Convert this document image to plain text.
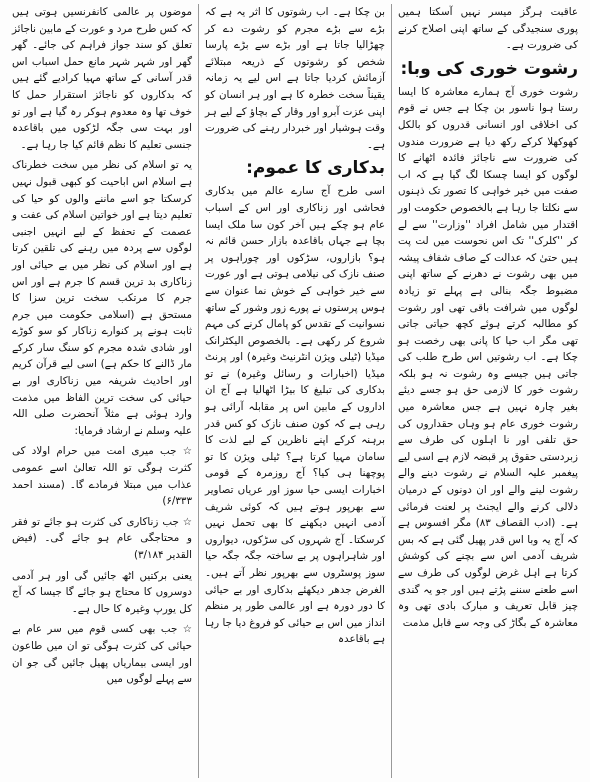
عاقبت ہرگز میسر نہیں آسکتا ہمیں پوری سنجیدگی کے ساتھ اپنی اصلاح کرنے کی ضرورت ہے۔

رشوت خوری کی وبا:

رشوت خوری آج ہمارے معاشرہ کا ایسا رستا ہوا ناسور بن چکا ہے جس نے قوم کی اخلاقی اور انسانی قدروں کو بالکل کھوکھلا کرکے رکھ دیا ہے ضرورت مندوں کی ضرورت سے ناجائز فائدہ اٹھانے کا لوگوں کو ایسا چسکا لگ گیا ہے کہ اب صفت میں خیر خواہی کا تصور تک ذہنوں سے نکلتا جا رہا ہے بالخصوص حکومت اور اقتدار میں شامل افراد ''وزارت'' سے لے کر ''کلرک'' تک اس نحوست میں لت پت ہیں حتیٰ کہ عدالت کے صاف شفاف پیشہ میں بھی رشوت نے دھرنے کے ساتھ اپنی مضبوط جگہ بنالی ہے پہلے تو زیادہ لوگوں میں شرافت باقی تھی اور رشوت کو مطالبہ کرتے ہوئے کچھ حیاتی جاتی تھی مگر اب حیا کا پانی بھی رخصت ہو چکا ہے۔ اب رشوتیں اس طرح طلب کی جاتی ہیں جیسے وہ رشوت نہ ہو بلکہ رشوت خور کا لازمی حق ہو جسے دیئے بغیر چارہ نہیں ہے جس معاشرہ میں رشوت خوری عام ہو وہاں حقداروں کی حق تلفی اور نا اہلوں کی طرف سے زبردستی حقوق پر قبضہ لازم ہے اسی لیے پیغمبر علیہ السلام نے رشوت دینے والے رشوت لینے والے اور ان دونوں کے درمیان دلالی کرنے والے ایجنٹ پر لعنت فرمائی ہے۔ (ادب القصاف ۸۳) مگر افسوس ہے کہ آج یہ وبا اس قدر پھیل گئی ہے کہ بس شریف آدمی اس سے بچنے کی کوشش کرتا ہے اہل غرض لوگوں کی طرف سے اسے طعنے سننے پڑتے ہیں اور جو یہ گندی چیز قابل تعریف و مبارک بادی تھی وہ معاشرہ کے بگاڑ کی وجہ سے قابل مذمت

بن چکا ہے۔ اب رشوتوں کا اثر یہ ہے کہ بڑے سے بڑے مجرم کو رشوت دے کر چھڑالیا جاتا ہے اور بڑے سے بڑے پارسا شخص کو رشوتوں کے ذریعہ مبتلائے آزمائش کردیا جاتا ہے اس لیے یہ زمانہ یقیناً سخت خطرہ کا ہے اور ہر انسان کو اپنی عزت آبرو اور وقار کے بچاؤ کے لیے ہر وقت ہوشیار اور خبردار رہنے کی ضرورت ہے۔

بدکاری کا عموم:

اسی طرح آج سارے عالم میں بدکاری فحاشی اور زناکاری اور اس کے اسباب عام ہو چکے ہیں آخر کون سا ملک ایسا بچا ہے جہاں باقاعدہ بازار حسن قائم نہ ہو؟ بازاروں، سڑکوں اور چوراہوں پر صنف نازک کی نیلامی ہوتی ہے اور عورت سے خیر خواہی کے خوش نما عنوان سے ہوس پرستوں نے پورے زور وشور کے ساتھ نسوانیت کے تقدس کو پامال کرنے کی مہم شروع کر رکھی ہے۔ بالخصوص الیکٹرانک میڈیا (ٹیلی ویژن انٹرنیٹ وغیرہ) اور پرنٹ میڈیا (اخبارات و رسائل وغیرہ) نے تو بدکاری کی تبلیغ کا بیڑا اٹھالیا ہے آج ان اداروں کے مابین اس پر مقابلہ آرائی ہو رہی ہے کہ کون صنف نازک کو کس قدر برہنہ کرکے اپنے ناظرین کے لیے لذت کا سامان مہیا کرتا ہے؟ ٹیلی ویژن کا تو پوچھنا ہی کیا؟ آج روزمرہ کے قومی اخبارات ایسی حیا سوز اور عریاں تصاویر سے بھرپور ہوتے ہیں کہ کوئی شریف آدمی انہیں دیکھنے کا بھی تحمل نہیں کرسکتا۔ آج شہروں کی سڑکوں، دیواروں اور شاہراہوں پر بے ساختہ جگہ جگہ حیا سوز پوسٹروں سے بھرپور نظر آتے ہیں۔ الغرض جدھر دیکھئے بدکاری اور بے حیائی کا دور دورہ ہے اور عالمی طور پر منظم انداز میں اس بے حیائی کو فروغ دیا جا رہا ہے باقاعدہ

موضوں پر عالمی کانفرنسیں ہوتی ہیں کہ کس طرح مرد و عورت کے مابین ناجائز تعلق کو سند جواز فراہم کی جائے۔ گھر گھر اور شہر شہر مانع حمل اسباب اس قدر آسانی کے ساتھ مہیا کرادیے گئے ہیں کہ بدکاروں کو ناجائز استقرار حمل کا خوف تھا وہ معدوم ہوکر رہ گیا ہے اور تو اور بہت سی جگہ لڑکوں میں باقاعدہ جنسی تعلیم کا نظم قائم کیا جا رہا ہے۔

یہ تو اسلام کی نظر میں سخت خطرناک ہے اسلام اس اباحیت کو کبھی قبول نہیں کرسکتا جو اسے ماننے والوں کو حیا کی تعلیم دیتا ہے اور خواتین اسلام کی عفت و عصمت کے تحفظ کے لیے انہیں اجنبی لوگوں سے پردہ میں رہنے کی تلقین کرتا ہے اور اسلام کی نظر میں بے حیائی اور زناکاری بد ترین قسم کا جرم ہے اور اس جرم کا مرتکب سخت ترین سزا کا مستحق ہے (اسلامی حکومت میں جرم ثابت ہونے پر کنوارے زناکار کو سو کوڑے اور شادی شدہ مجرم کو سنگ سار کرکے مار ڈالنے کا حکم ہے) اسی لیے قرآن کریم اور احادیث شریفہ میں زناکاری اور بے حیائی کی سخت ترین الفاظ میں مذمت وارد ہوئی ہے مثلاً آنحضرت صلی اللہ علیہ وسلم نے ارشاد فرمایا:

☆ جب میری امت میں حرام اولاد کی کثرت ہوگی تو اللہ تعالیٰ اسے عمومی عذاب میں مبتلا فرمادے گا۔ (مسند احمد ۶/۳۳۳)

☆ جب زناکاری کی کثرت ہو جائے تو فقر و محتاجگی عام ہو جائے گی۔ (فیض القدیر ۳/۱۸۴)

یعنی برکتیں اٹھ جائیں گی اور ہر آدمی دوسروں کا محتاج ہو جائے گا جیسا کہ آج کل یورپ وغیرہ کا حال ہے۔

☆ جب بھی کسی قوم میں سر عام بے حیائی کی کثرت ہوگی تو ان میں طاعون اور ایسی بیماریاں پھیل جائیں گی جو ان سے پہلے لوگوں میں
